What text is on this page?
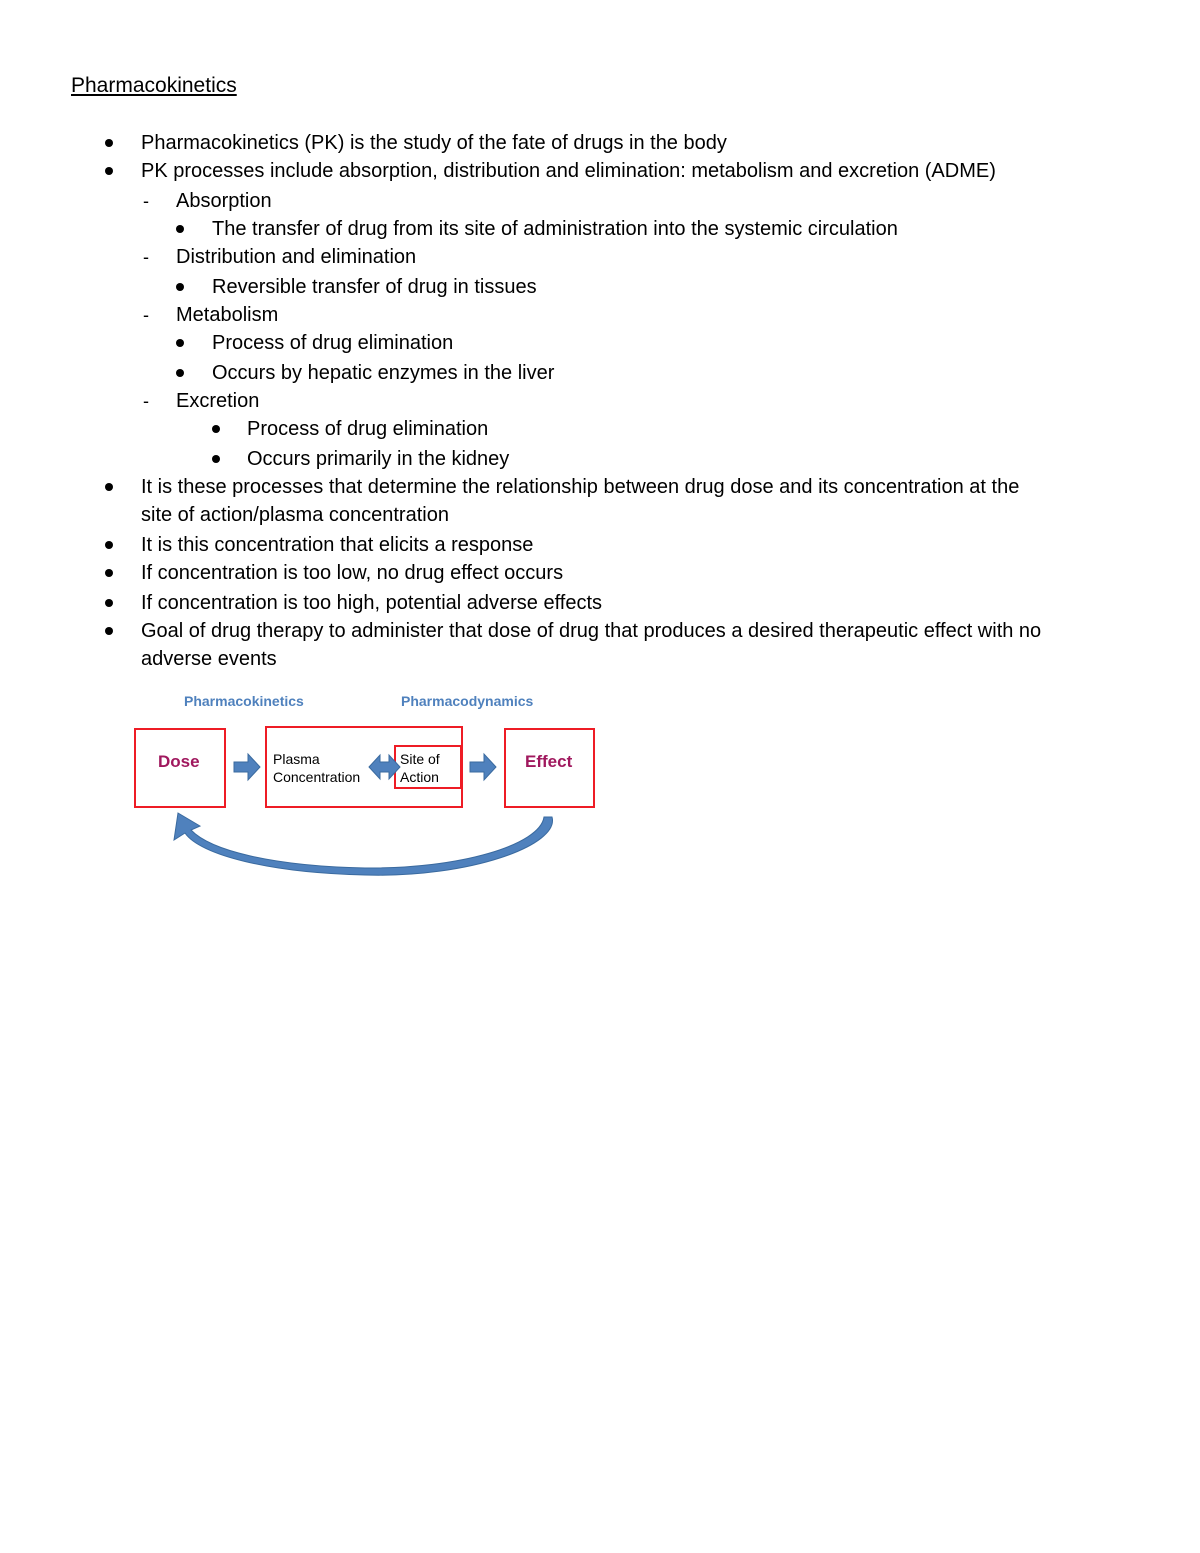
Pharmacokinetics
Pharmacokinetics (PK) is the study of the fate of drugs in the body
PK processes include absorption, distribution and elimination: metabolism and excretion (ADME)
- Absorption
The transfer of drug from its site of administration into the systemic circulation
- Distribution and elimination
Reversible transfer of drug in tissues
- Metabolism
Process of drug elimination
Occurs by hepatic enzymes in the liver
- Excretion
Process of drug elimination
Occurs primarily in the kidney
It is these processes that determine the relationship between drug dose and its concentration at the
site of action/plasma concentration
It is this concentration that elicits a response
If concentration is too low, no drug effect occurs
If concentration is too high, potential adverse effects
Goal of drug therapy to administer that dose of drug that produces a desired therapeutic effect with no
adverse events
Pharmacokinetics	Pharmacodynamics
Dose	Plasma
Concentration
Site of
Action
Effect
